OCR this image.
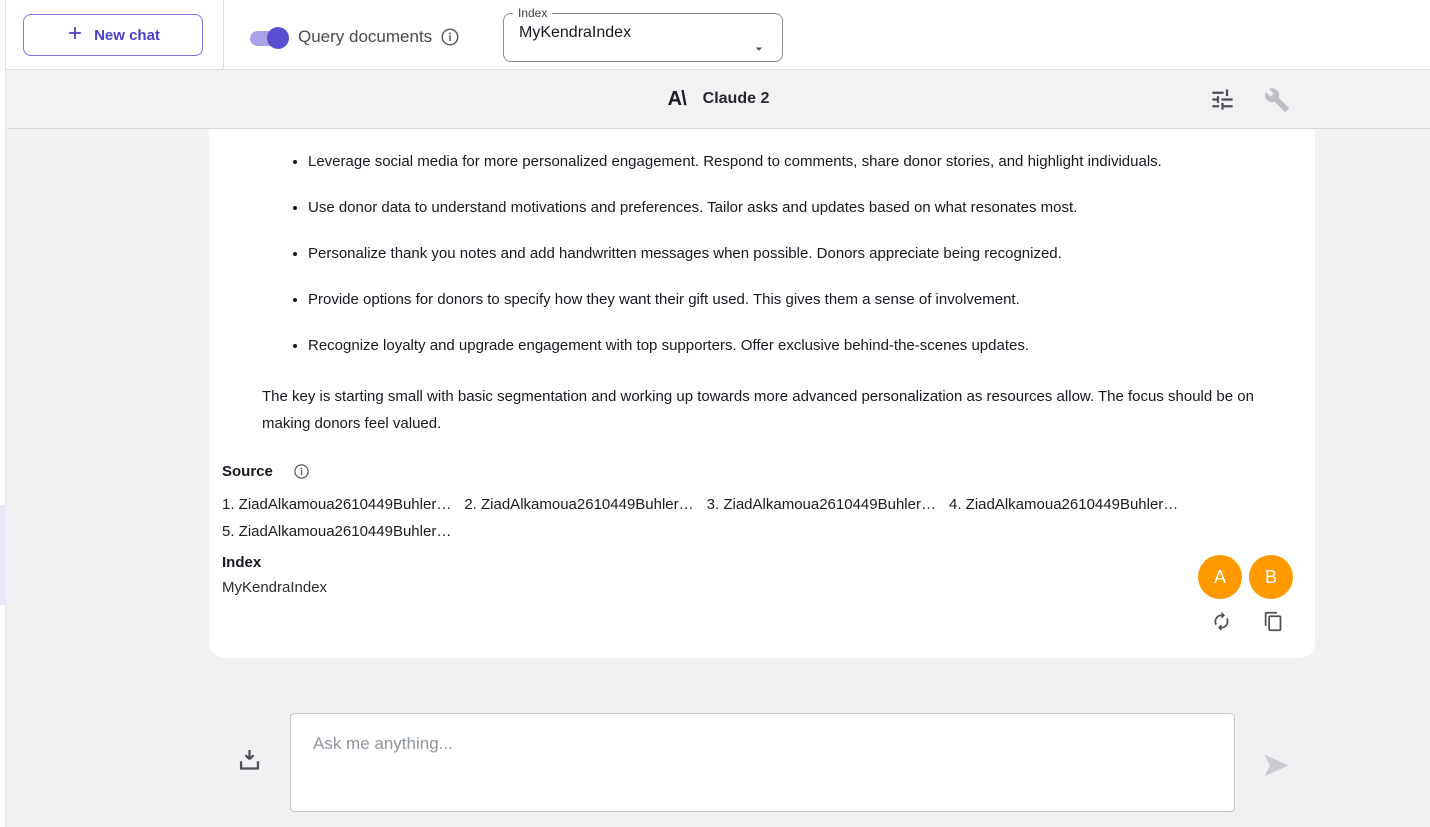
New chat	Query documents
Index
MyKendraIndex
A\ Claude 2
• Leverage social media for more personalized engagement. Respond to comments, share donor stories, and highlight individuals.
• Use donor data to understand motivations and preferences. Tailor asks and updates based on what resonates most.
• Personalize thank you notes and add handwritten messages when possible. Donors appreciate being recognized.
• Provide options for donors to specify how they want their gift used. This gives them a sense of involvement.
• Recognize loyalty and upgrade engagement with top supporters. Offer exclusive behind-the-scenes updates.

The key is starting small with basic segmentation and working up towards more advanced personalization as resources allow. The focus should be on making donors feel valued.

Source
1. ZiadAlkamoua2610449Buhler… 2. ZiadAlkamoua2610449Buhler… 3. ZiadAlkamoua2610449Buhler… 4. ZiadAlkamoua2610449Buhler…
5. ZiadAlkamoua2610449Buhler…
Index
MyKendraIndex
A	B
Ask me anything...
